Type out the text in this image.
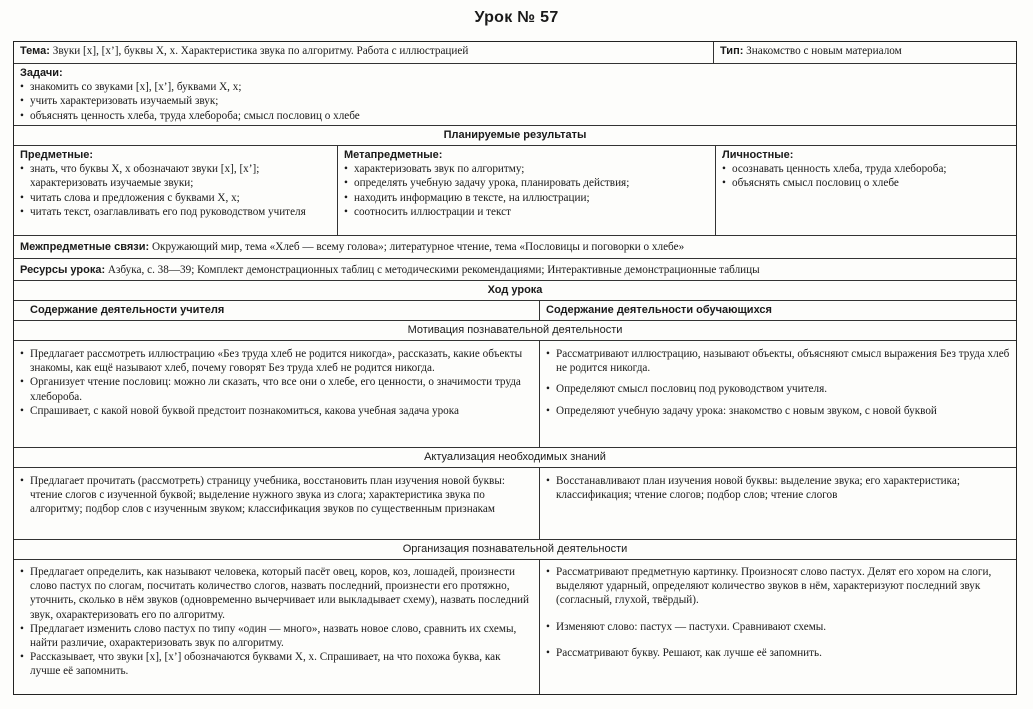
Урок № 57
Тема: Звуки [х], [х’], буквы Х, х. Характеристика звука по алгоритму. Работа с иллюстрацией	Тип: Знакомство с новым материалом
Задачи:
• знакомить со звуками [х], [х’], буквами Х, х;
• учить характеризовать изучаемый звук;
• объяснять ценность хлеба, труда хлебороба; смысл пословиц о хлебе
Планируемые результаты
Предметные:
• знать, что буквы Х, х обозначают звуки [х], [х’]; характеризовать изучаемые звуки;
• читать слова и предложения с буквами Х, х;
• читать текст, озаглавливать его под руководством учителя
Метапредметные:
• характеризовать звук по алгоритму;
• определять учебную задачу урока, планировать действия;
• находить информацию в тексте, на иллюстрации;
• соотносить иллюстрации и текст
Личностные:
• осознавать ценность хлеба, труда хлебороба;
• объяснять смысл пословиц о хлебе
Межпредметные связи: Окружающий мир, тема «Хлеб — всему голова»; литературное чтение, тема «Пословицы и поговорки о хлебе»
Ресурсы урока: Азбука, с. 38—39; Комплект демонстрационных таблиц с методическими рекомендациями; Интерактивные демонстрационные таблицы
Ход урока
Содержание деятельности учителя	Содержание деятельности обучающихся
Мотивация познавательной деятельности
• Предлагает рассмотреть иллюстрацию «Без труда хлеб не родится никогда», рассказать, какие объекты знакомы, как ещё называют хлеб, почему говорят Без труда хлеб не родится никогда.
• Организует чтение пословиц: можно ли сказать, что все они о хлебе, его ценности, о значимости труда хлебороба.
• Спрашивает, с какой новой буквой предстоит познакомиться, какова учебная задача урока
• Рассматривают иллюстрацию, называют объекты, объясняют смысл выражения Без труда хлеб не родится никогда.
• Определяют смысл пословиц под руководством учителя.
• Определяют учебную задачу урока: знакомство с новым звуком, с новой буквой
Актуализация необходимых знаний
• Предлагает прочитать (рассмотреть) страницу учебника, восстановить план изучения новой буквы: чтение слогов с изученной буквой; выделение нужного звука из слога; характеристика звука по алгоритму; подбор слов с изученным звуком; классификация звуков по существенным признакам
• Восстанавливают план изучения новой буквы: выделение звука; его характеристика; классификация; чтение слогов; подбор слов; чтение слогов
Организация познавательной деятельности
• Предлагает определить, как называют человека, который пасёт овец, коров, коз, лошадей, произнести слово пастух по слогам, посчитать количество слогов, назвать последний, произнести его протяжно, уточнить, сколько в нём звуков (одновременно вычерчивает или выкладывает схему), назвать последний звук, охарактеризовать его по алгоритму.
• Предлагает изменить слово пастух по типу «один — много», назвать новое слово, сравнить их схемы, найти различие, охарактеризовать звук по алгоритму.
• Рассказывает, что звуки [х], [х’] обозначаются буквами Х, х. Спрашивает, на что похожа буква, как лучше её запомнить.
• Рассматривают предметную картинку. Произносят слово пастух. Делят его хором на слоги, выделяют ударный, определяют количество звуков в нём, характеризуют последний звук (согласный, глухой, твёрдый).
• Изменяют слово: пастух — пастухи. Сравнивают схемы.
• Рассматривают букву. Решают, как лучше её запомнить.
